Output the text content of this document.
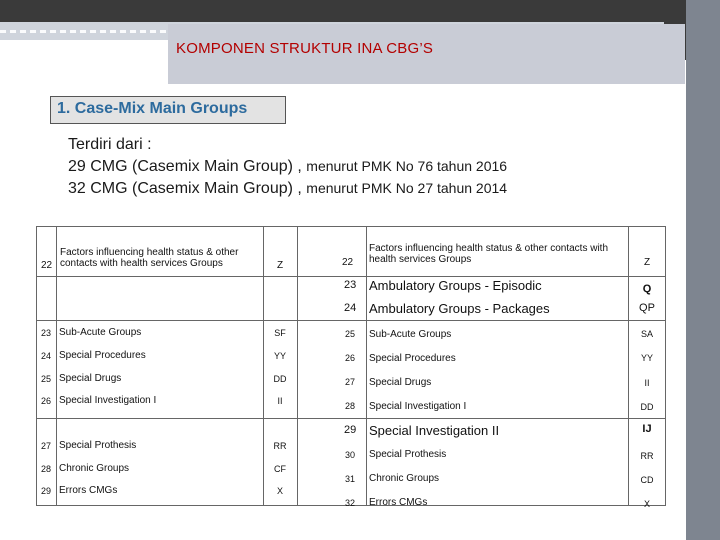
KOMPONEN STRUKTUR INA CBG’S
1. Case-Mix Main Groups
Terdiri dari :
29 CMG (Casemix Main Group) , menurut PMK No 76 tahun 2016
32 CMG (Casemix Main Group) , menurut PMK No 27 tahun 2014
22
Factors influencing health status & other contacts with health services Groups	Z
23 Sub-Acute Groups	SF
24 Special Procedures	YY
25 Special Drugs	DD
26 Special Investigation I	II
27 Special Prothesis	RR
28 Chronic Groups	CF
29 Errors CMGs	X
22
Factors influencing health status & other contacts with health services Groups	Z
23 Ambulatory Groups - Episodic	Q
24 Ambulatory Groups - Packages	QP
25 Sub-Acute Groups	SA
26 Special Procedures	YY
27 Special Drugs	II
28 Special Investigation I	DD
29 Special Investigation II	IJ
30 Special Prothesis	RR
31 Chronic Groups	CD
32 Errors CMGs	X
